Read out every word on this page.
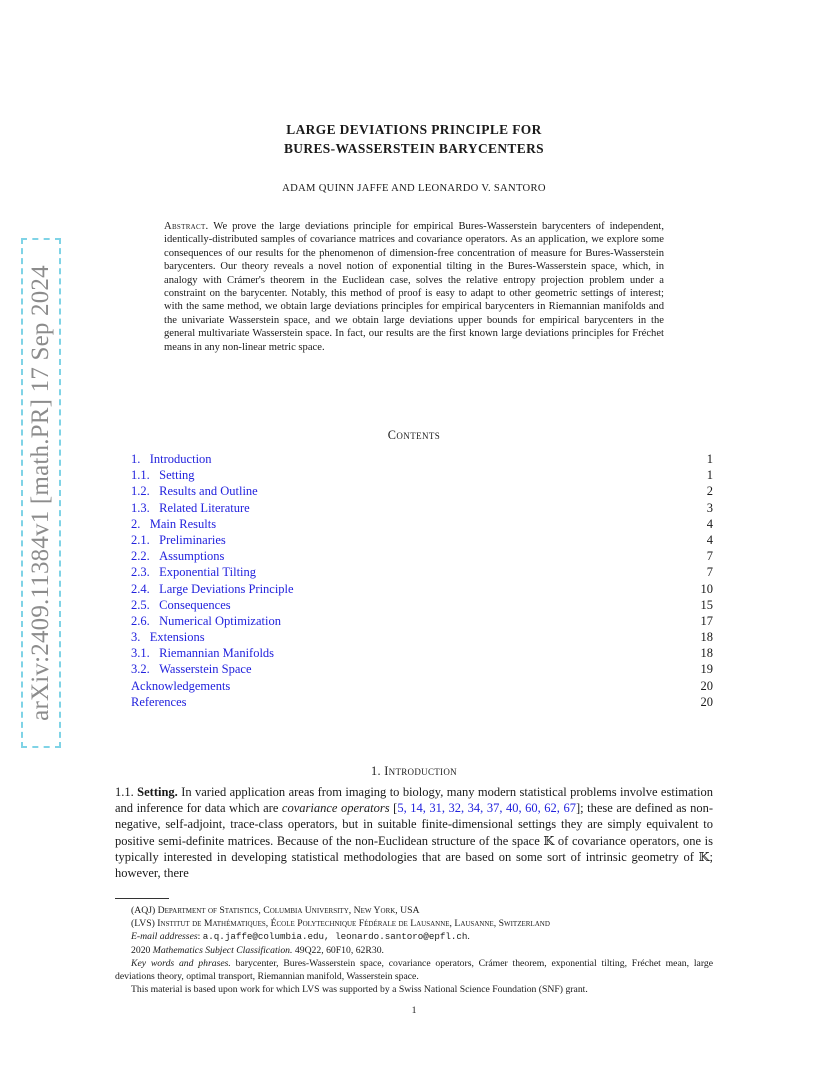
arXiv:2409.11384v1 [math.PR] 17 Sep 2024
LARGE DEVIATIONS PRINCIPLE FOR
BURES-WASSERSTEIN BARYCENTERS
ADAM QUINN JAFFE AND LEONARDO V. SANTORO

Abstract. We prove the large deviations principle for empirical Bures-Wasserstein barycenters of independent, identically-distributed samples of covariance matrices and covariance operators. As an application, we explore some consequences of our results for the phenomenon of dimension-free concentration of measure for Bures-Wasserstein barycenters. Our theory reveals a novel notion of exponential tilting in the Bures-Wasserstein space, which, in analogy with Crámer's theorem in the Euclidean case, solves the relative entropy projection problem under a constraint on the barycenter. Notably, this method of proof is easy to adapt to other geometric settings of interest; with the same method, we obtain large deviations principles for empirical barycenters in Riemannian manifolds and the univariate Wasserstein space, and we obtain large deviations upper bounds for empirical barycenters in the general multivariate Wasserstein space. In fact, our results are the first known large deviations principles for Fréchet means in any non-linear metric space.

Contents
1. Introduction	1
1.1. Setting	1
1.2. Results and Outline	2
1.3. Related Literature	3
2. Main Results	4
2.1. Preliminaries	4
2.2. Assumptions	7
2.3. Exponential Tilting	7
2.4. Large Deviations Principle	10
2.5. Consequences	15
2.6. Numerical Optimization	17
3. Extensions	18
3.1. Riemannian Manifolds	18
3.2. Wasserstein Space	19
Acknowledgements	20
References	20
1. Introduction

1.1. Setting. In varied application areas from imaging to biology, many modern statistical problems involve estimation and inference for data which are covariance operators [5, 14, 31, 32, 34, 37, 40, 60, 62, 67]; these are defined as non-negative, self-adjoint, trace-class operators, but in suitable finite-dimensional settings they are simply equivalent to positive semi-definite matrices. Because of the non-Euclidean structure of the space 𝕂 of covariance operators, one is typically interested in developing statistical methodologies that are based on some sort of intrinsic geometry of 𝕂; however, there

(AQJ) Department of Statistics, Columbia University, New York, USA
(LVS) Institut de Mathématiques, École Polytechnique Fédérale de Lausanne, Lausanne, Switzerland
E-mail addresses: a.q.jaffe@columbia.edu, leonardo.santoro@epfl.ch.
2020 Mathematics Subject Classification. 49Q22, 60F10, 62R30.
Key words and phrases. barycenter, Bures-Wasserstein space, covariance operators, Crámer theorem, exponential tilting, Fréchet mean, large deviations theory, optimal transport, Riemannian manifold, Wasserstein space.
This material is based upon work for which LVS was supported by a Swiss National Science Foundation (SNF) grant.
1
